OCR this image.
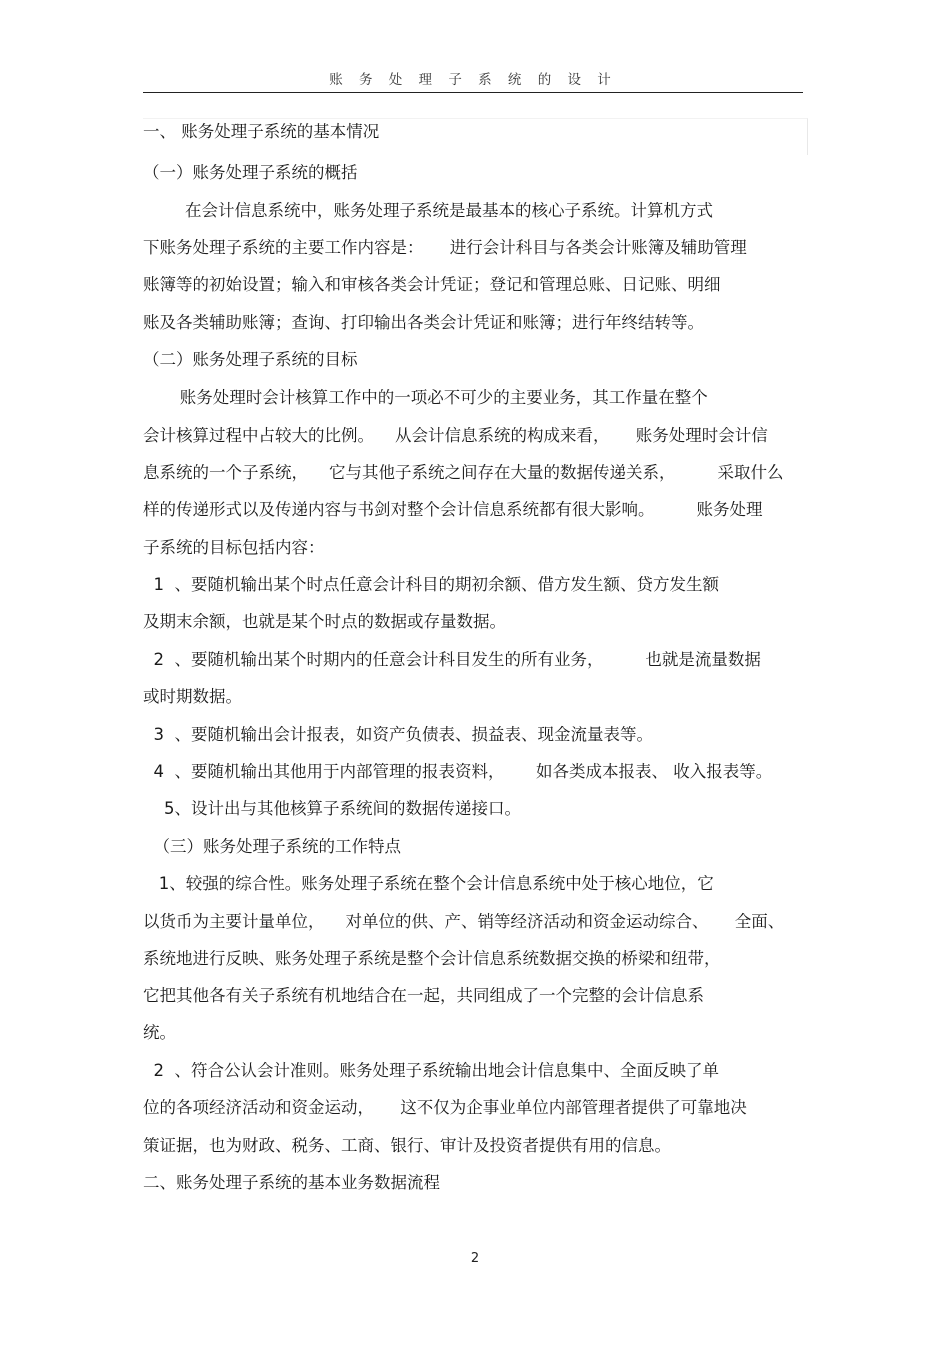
账 务 处 理 子 系 统 的 设 计
一、 账务处理子系统的基本情况
（一）账务处理子系统的概括
在会计信息系统中，账务处理子系统是最基本的核心子系统。计算机方式
下账务处理子系统的主要工作内容是：     进行会计科目与各类会计账簿及辅助管理
账簿等的初始设置；输入和审核各类会计凭证；登记和管理总账、日记账、明细
账及各类辅助账簿；查询、打印输出各类会计凭证和账簿；进行年终结转等。
（二）账务处理子系统的目标
账务处理时会计核算工作中的一项必不可少的主要业务，其工作量在整个
会计核算过程中占较大的比例。    从会计信息系统的构成来看，     账务处理时会计信
息系统的一个子系统，    它与其他子系统之间存在大量的数据传递关系，        采取什么
样的传递形式以及传递内容与书剑对整个会计信息系统都有很大影响。        账务处理
子系统的目标包括内容：
1  、要随机输出某个时点任意会计科目的期初余额、借方发生额、贷方发生额
及期末余额，也就是某个时点的数据或存量数据。
2  、要随机输出某个时期内的任意会计科目发生的所有业务，        也就是流量数据
或时期数据。
3  、要随机输出会计报表，如资产负债表、损益表、现金流量表等。
4  、要随机输出其他用于内部管理的报表资料，      如各类成本报表、 收入报表等。
5、设计出与其他核算子系统间的数据传递接口。
（三）账务处理子系统的工作特点
1、较强的综合性。账务处理子系统在整个会计信息系统中处于核心地位，它
以货币为主要计量单位，    对单位的供、产、销等经济活动和资金运动综合、     全面、
系统地进行反映、账务处理子系统是整个会计信息系统数据交换的桥梁和纽带，
它把其他各有关子系统有机地结合在一起，共同组成了一个完整的会计信息系
统。
2  、符合公认会计准则。账务处理子系统输出地会计信息集中、全面反映了单
位的各项经济活动和资金运动，     这不仅为企事业单位内部管理者提供了可靠地决
策证据，也为财政、税务、工商、银行、审计及投资者提供有用的信息。
二、账务处理子系统的基本业务数据流程
2
